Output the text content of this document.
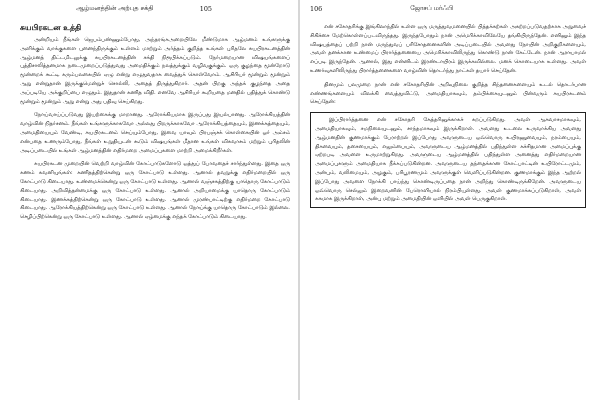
ஆழ்மனத்தின் அற்புத சக்தி	105
சுயபிரகடன உத்தி

அன்றியம் நீங்கள் ஜெபம்பண்ணும்போது, அந்தரங்கஅறையிலே மீண்டுமாக ஆழ்மனம் உங்களுக்கு அளிக்கும் வாக்குகளை புனைந்திருக்கும் உள்ளம் மாற்றும் அர்த்தம் குறித்த உங்கள் புரிதலே சுயபிரகடனத்தின் ஆழ்மனத் திட்டமிடலுக்கு சுயபிரகடனத்தின் சக்தி நிரூபிக்கப்படும். நேர்மறையான விஷயங்களைப் புத்திசாலித்தனமாக நடைமுறைப்படுத்துவது அமைதிக்கும் நலத்துக்கும் வழிவகுக்கும். ஒரு குழந்தை மூன்றோடு மூன்றைக் கூட்டி கரும்பலகையில் ஏழு என்று எழுதுவதாக வைத்துக் கொள்வோம். ஆசிரியர் மூன்றும் மூன்றும் ஆறு என்றுதான் இருக்குமென்றுச் சொல்லி, அதைத் திருத்துகிறார். அதன் பிறகு அந்தக் குழந்தை அதை அப்படியே அக்குறிப்பை எழுதும். இதுதான் கணித விதி. எனவே ஆசிரியர் கூறியதை மனதில் பதித்துக் கொண்டு மூன்றும் மூன்றும் ஆறு என்று அது பதிவு செய்கிறது.

நோய்வாய்ப்படுவது இயற்கைக்கு மாறானது. ஆரோக்கியமாக இருப்பது இயல்பானது. ஆரோக்கியத்தின் வாழ்வின் நிதர்சனம். நீங்கள் உங்களுக்காகவோ அல்லது பிறருக்காகவோ ஆரோக்கியத்தையும், இணக்கத்தையும், அமைதியையும் வேண்டி, சுயபிரகடனம் செய்யும்போது, இவை யாவும் பிரபஞ்சக் கொள்கையின் ஓர் அம்சம் என்பதை உணரும்போது, நீங்கள் உறுதியுடன் கூடும் விஷயங்கள் மீதான உங்கள் விசுவாசம் மற்றும் புரிதலின் அடிப்படையில் உங்கள் ஆழ்மனத்தின் எதிர்மறை அமைப்புகளை மாற்றி அமைக்கிறீர்கள்.

சுயபிரகடன முறையின் வெற்றி வாழ்வின் கோட்பாடுகளோடு ஒத்துப் போவதைச் சார்ந்துள்ளது. இதை ஒரு கணம் கவனியுங்கள்: கணிதத்திற்கென்று ஒரு கோட்பாடு உள்ளது. ஆனால் தவறுக்கு எதிர்மறையில் ஒரு கோட்பாடு கிடையாது. உண்மைக்கென்று ஒரு கோட்பாடு உள்ளது. ஆனால் வஞ்சகத்திற்கு யாதொரு கோட்பாடும் கிடையாது. அறிவித்தன்மைக்கு ஒரு கோட்பாடு உள்ளது. ஆனால் அறியாமைக்கு யாதொரு கோட்பாடும் கிடையாது. இணக்கத்திற்கென்று ஒரு கோட்பாடு உள்ளது. ஆனால் முரண்பாட்டிற்கு எதிர்மறை கோட்பாடு கிடையாது. ஆரோக்கியத்திற்கென்று ஒரு கோட்பாடு உள்ளது. ஆனால் நோய்க்கு யாதொரு கோட்பாடும் இல்லை. செழிப்பிற்கென்று ஒரு கோட்பாடு உள்ளது. ஆனால் ஏழ்மைக்கு எந்தக் கோட்பாடும் கிடையாது.

106	ஜோசப் மர்ஃபி

என் சகோதரிக்கு இங்கிலாந்தில் உள்ள ஒரு மருத்துவமனையில் பித்தக்கற்கள் அகற்றப்படுவதற்காக அறுவைச் சிகிச்சை மேற்கொள்ளப்படவிருந்தது. இருந்தபோதும் நான் அமெரிக்காவிலேயே தங்கியிருந்தேன். எனினும் இந்த விஷயத்தைப் பற்றி நான் மருந்துவப் பரிசோதனைகளின் அடிப்படையில் அவளது நோயின் அறிகுறிகளையும், அவள் தனக்கான உண்மைப் பிரார்த்தனையை அமெரிக்காவிலிருந்து கொண்டு நான் கேட்டேன். நான் ஆராயாமல் எப்படி இருந்தேன். ஆனால், இது என்னிடம் இரண்டாயிரம் இருக்கவில்லை. மனக் கொடையாக உள்ளது. அவள் உணர்வுகளிலிருந்து பிரார்த்தனைகளை வாழ்வின் தொடர்ந்து நாட்கள் தயார் செய்தேன்.

தினமும் பலமுறை நான் என் சகோதரியின் அறிவுநிலை குறித்த சிந்தனைகளையும் உடல் தொடர்பான எண்ணங்களையும் விலக்கி வைத்துவிட்டு, அமைதியாகவும், தம்பிக்கையுடனும் பின்வரும் சுயபிரகடனம் செய்தேன்:

இப்பிரார்த்தனை என் சகோதரி கேத்தரினுக்காகச் சுறப்படுகிறது. அவள் ஆசுவாசமாகவும், அமைதியாகவும், சமநிலையுடனும், சாந்தமாகவும் இருக்கிறாள். அவளது உடலை உருவாக்கிய அவளது ஆழ்மனதின் குணமாக்கும் பேராற்றல் இப்போது அவளுடைய ஒவ்வொரு உயிரணுவையும், நரம்பையும், திசுவையும், தசையையும், எலும்பையும், அவளுடைய ஆழ்மனத்தில் பதிந்துள்ள கச்சிதமான அமைப்புக்கு ஏற்றபடி அவளை உருமாற்றுகிறது. அவளுடைய ஆழ்மனத்தில் பதிந்துள்ள அனைத்து எதிர்மறையான அமைப்புகளும் அமைதியாக நீக்கப்படுகின்றன. அவளுடைய தந்தைக்கான கோட்பாட்டின் உயிரோட்டமும், அன்பும், வலிமையும், அழகும், பரிபூரணமும் அவளுக்குள் வெளிப்படுகின்றன. குணமாக்கும் இந்த ஆற்றல் இப்போது அவளை நோக்கி பாய்ந்து கொண்டிருப்பதை நான் அறிந்து கொண்டிருக்கிறேன். அவளுடைய ஒவ்வொரு செல்லும் இறைவனின் பேரொளியால் நிரம்பியுள்ளது. அவள் குணமாக்கப்படுகிறாள், அவள் சுகமாக இருக்கிறாள், அன்பு மற்றும் அமைதியின் ஒளியில் அவள் பெருகுகிறாள்.
